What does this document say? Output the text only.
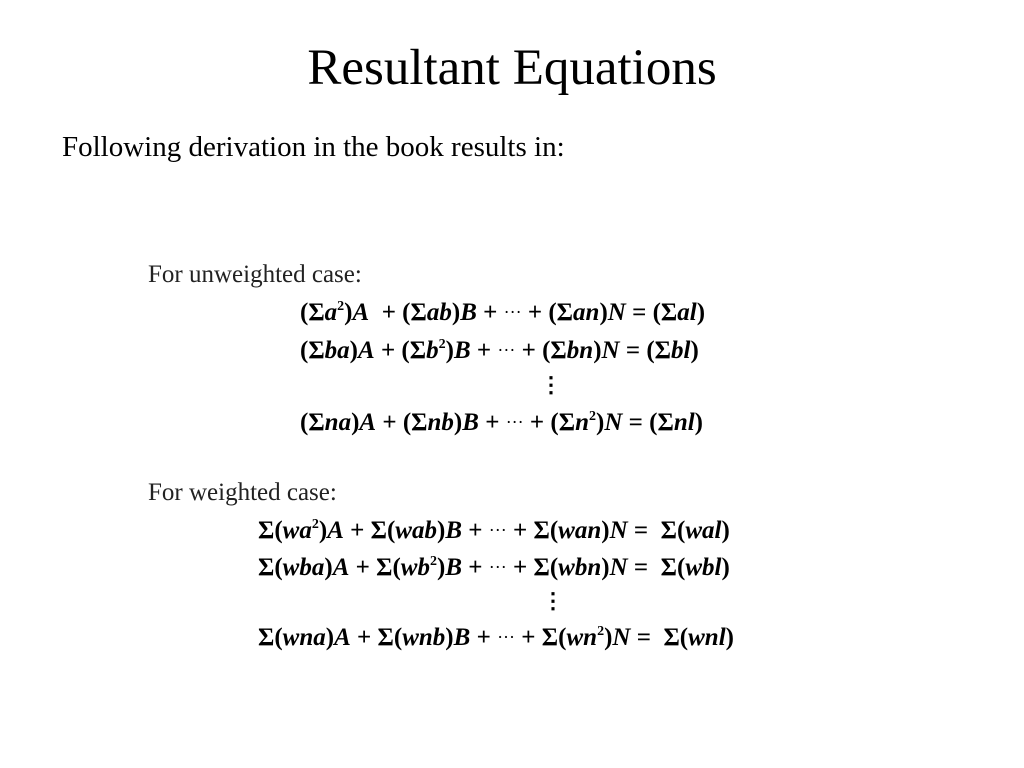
Resultant Equations

Following derivation in the book results in:

For unweighted case:

$(\Sigma a^2)A + (\Sigma ab)B$ + ··· + (Σan)N = (Σal)
$(\Sigma ba)A + (\Sigma b^2)B$ + ··· + (Σbn)N = (Σbl)
⋮
(Σna)A + (Σnb)B + ··· + $(\Sigma n^2)N = (\Sigma nl)$

For weighted case:

$\Sigma(wa^2)A + \Sigma(wab)B$ + ··· + Σ(wan)N =  Σ(wal)
$\Sigma(wba)A + \Sigma(wb^2)B$ + ··· + Σ(wbn)N =  Σ(wbl)
⋮
Σ(wna)A + Σ(wnb)B + ··· + $\Sigma(wn^2)N = \Sigma(wnl)$
